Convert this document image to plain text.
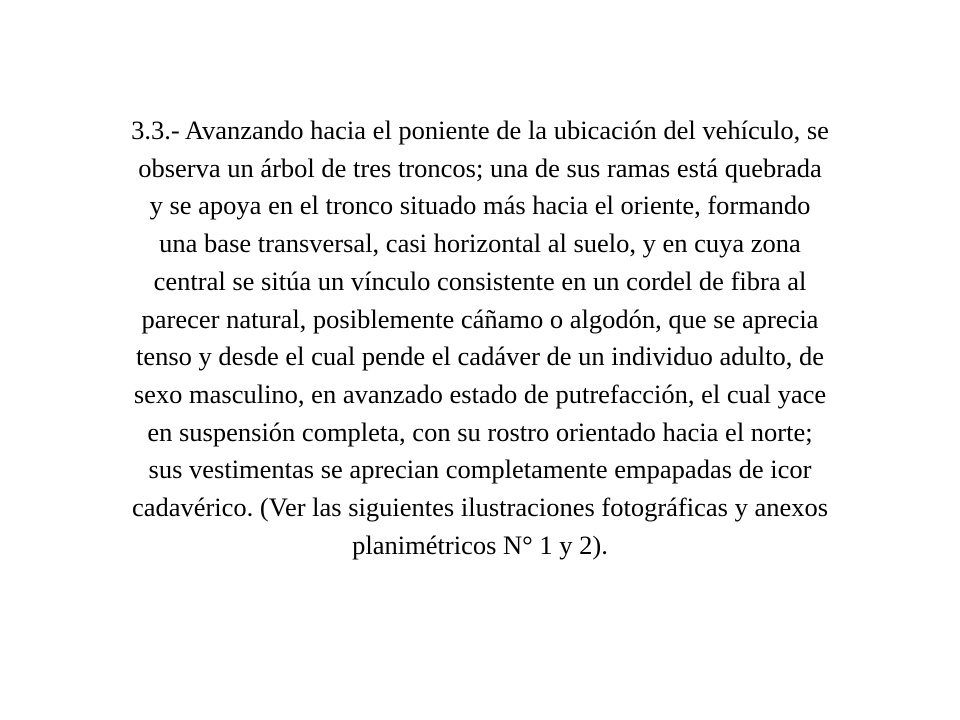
3.3.- Avanzando hacia el poniente de la ubicación del vehículo, se
observa un árbol de tres troncos; una de sus ramas está quebrada
y se apoya en el tronco situado más hacia el oriente, formando
una base transversal, casi horizontal al suelo, y en cuya zona
central se sitúa un vínculo consistente en un cordel de fibra al
parecer natural, posiblemente cáñamo o algodón, que se aprecia
tenso y desde el cual pende el cadáver de un individuo adulto, de
sexo masculino, en avanzado estado de putrefacción, el cual yace
en suspensión completa, con su rostro orientado hacia el norte;
sus vestimentas se aprecian completamente empapadas de icor
cadavérico. (Ver las siguientes ilustraciones fotográficas y anexos
planimétricos N° 1 y 2).
